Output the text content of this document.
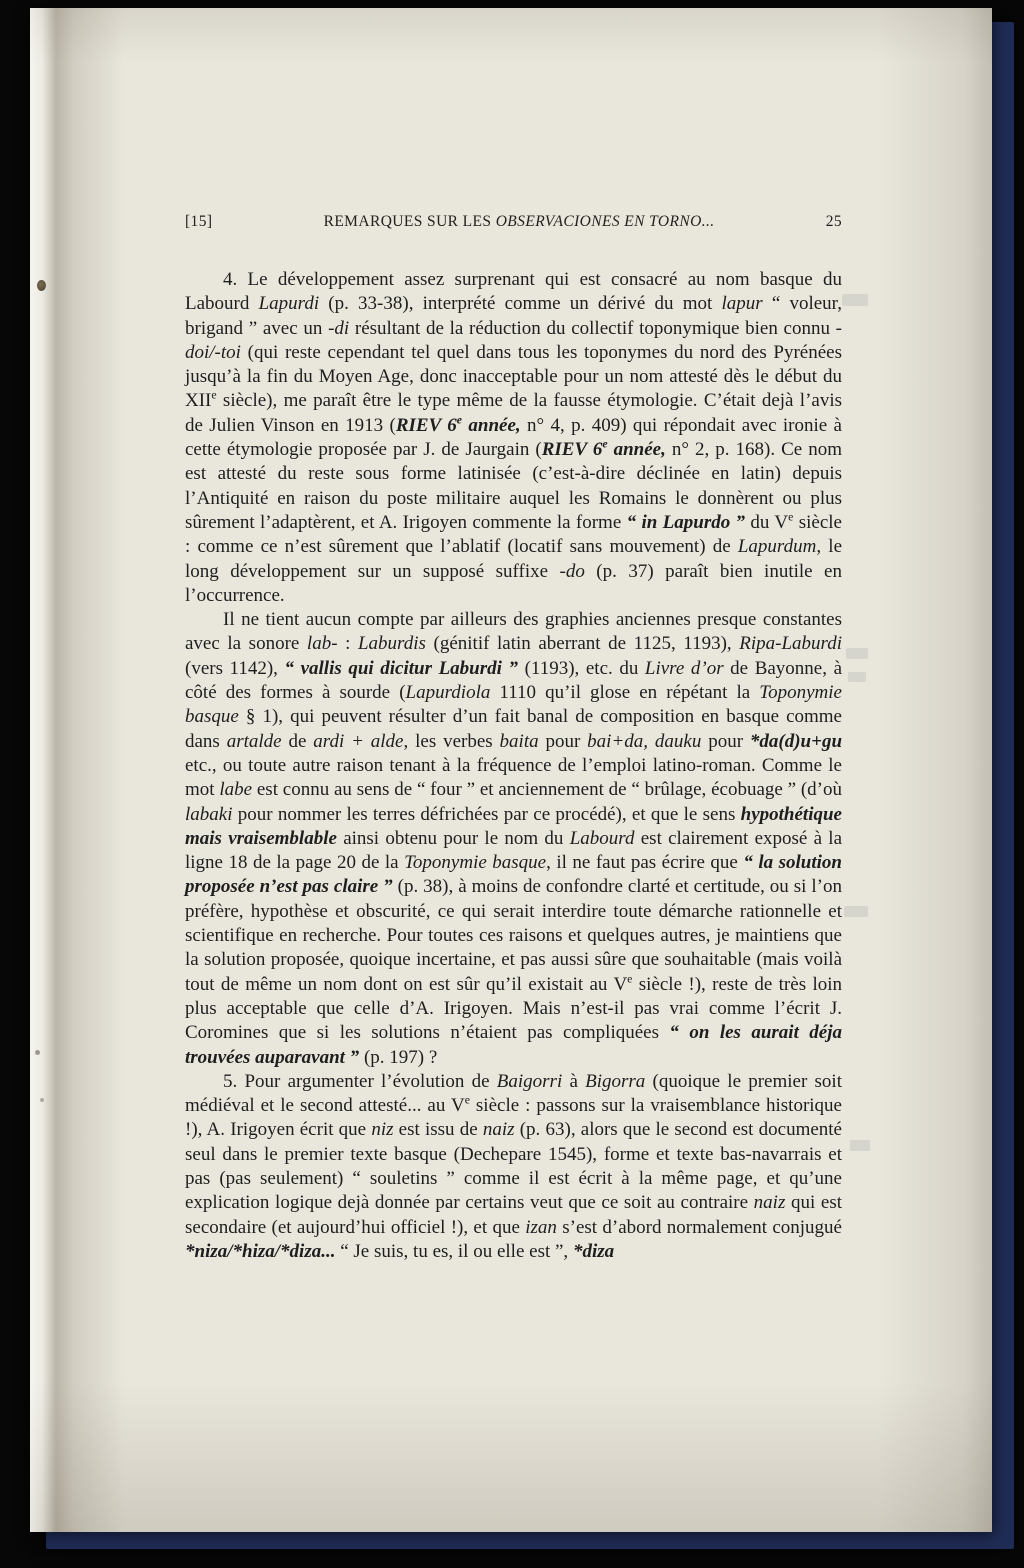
[15]	REMARQUES SUR LES OBSERVACIONES EN TORNO...	25

4. Le développement assez surprenant qui est consacré au nom basque du Labourd Lapurdi (p. 33-38), interprété comme un dérivé du mot lapur “ voleur, brigand ” avec un -di résultant de la réduction du collectif toponymique bien connu -doi/-toi (qui reste cependant tel quel dans tous les toponymes du nord des Pyrénées jusqu’à la fin du Moyen Age, donc inacceptable pour un nom attesté dès le début du XIIe siècle), me paraît être le type même de la fausse étymologie. C’était dejà l’avis de Julien Vinson en 1913 (RIEV 6e année, n° 4, p. 409) qui répondait avec ironie à cette étymologie proposée par J. de Jaurgain (RIEV 6e année, n° 2, p. 168). Ce nom est attesté du reste sous forme latinisée (c’est-à-dire déclinée en latin) depuis l’Antiquité en raison du poste militaire auquel les Romains le donnèrent ou plus sûrement l’adaptèrent, et A. Irigoyen commente la forme “ in Lapurdo ” du Ve siècle : comme ce n’est sûrement que l’ablatif (locatif sans mouvement) de Lapurdum, le long développement sur un supposé suffixe -do (p. 37) paraît bien inutile en l’occurrence.

Il ne tient aucun compte par ailleurs des graphies anciennes presque constantes avec la sonore lab- : Laburdis (génitif latin aberrant de 1125, 1193), Ripa-Laburdi (vers 1142), “ vallis qui dicitur Laburdi ” (1193), etc. du Livre d’or de Bayonne, à côté des formes à sourde (Lapurdiola 1110 qu’il glose en répétant la Toponymie basque § 1), qui peuvent résulter d’un fait banal de composition en basque comme dans artalde de ardi + alde, les verbes baita pour bai+da, dauku pour *da(d)u+gu etc., ou toute autre raison tenant à la fréquence de l’emploi latino-roman. Comme le mot labe est connu au sens de “ four ” et anciennement de “ brûlage, écobuage ” (d’où labaki pour nommer les terres défrichées par ce procédé), et que le sens hypothétique mais vraisemblable ainsi obtenu pour le nom du Labourd est clairement exposé à la ligne 18 de la page 20 de la Toponymie basque, il ne faut pas écrire que “ la solution proposée n’est pas claire ” (p. 38), à moins de confondre clarté et certitude, ou si l’on préfère, hypothèse et obscurité, ce qui serait interdire toute démarche rationnelle et scientifique en recherche. Pour toutes ces raisons et quelques autres, je maintiens que la solution proposée, quoique incertaine, et pas aussi sûre que souhaitable (mais voilà tout de même un nom dont on est sûr qu’il existait au Ve siècle !), reste de très loin plus acceptable que celle d’A. Irigoyen. Mais n’est-il pas vrai comme l’écrit J. Coromines que si les solutions n’étaient pas compliquées “ on les aurait déja trouvées auparavant ” (p. 197) ?

5. Pour argumenter l’évolution de Baigorri à Bigorra (quoique le premier soit médiéval et le second attesté... au Ve siècle : passons sur la vraisemblance historique !), A. Irigoyen écrit que niz est issu de naiz (p. 63), alors que le second est documenté seul dans le premier texte basque (Dechepare 1545), forme et texte bas-navarrais et pas (pas seulement) “ souletins ” comme il est écrit à la même page, et qu’une explication logique dejà donnée par certains veut que ce soit au contraire naiz qui est secondaire (et aujourd’hui officiel !), et que izan s’est d’abord normalement conjugué *niza/*hiza/*diza... “ Je suis, tu es, il ou elle est ”, *diza
